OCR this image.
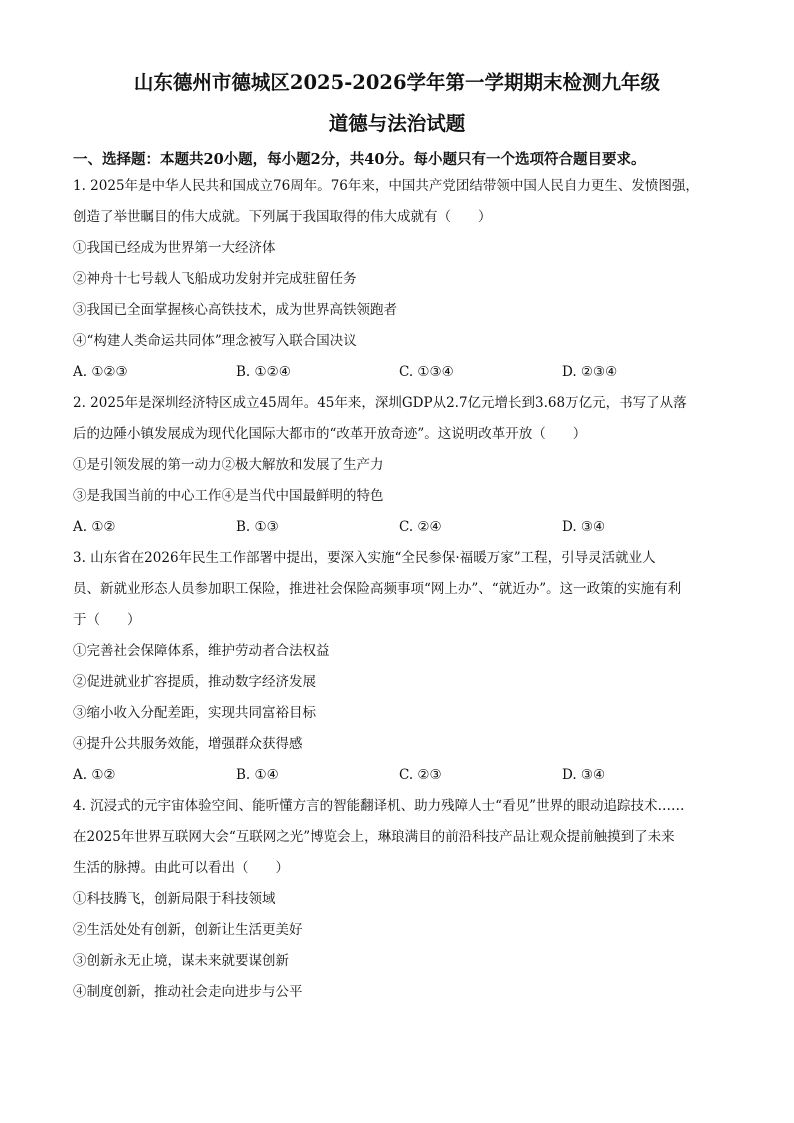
山东德州市德城区2025-2026学年第一学期期末检测九年级
道德与法治试题
一、选择题：本题共20小题，每小题2分，共40分。每小题只有一个选项符合题目要求。
1. 2025年是中华人民共和国成立76周年。76年来，中国共产党团结带领中国人民自力更生、发愤图强，
创造了举世瞩目的伟大成就。下列属于我国取得的伟大成就有（　　）
①我国已经成为世界第一大经济体
②神舟十七号载人飞船成功发射并完成驻留任务
③我国已全面掌握核心高铁技术，成为世界高铁领跑者
④“构建人类命运共同体”理念被写入联合国决议
A. ①②③	B. ①②④	C. ①③④	D. ②③④
2. 2025年是深圳经济特区成立45周年。45年来，深圳GDP从2.7亿元增长到3.68万亿元，书写了从落
后的边陲小镇发展成为现代化国际大都市的“改革开放奇迹”。这说明改革开放（　　）
①是引领发展的第一动力②极大解放和发展了生产力
③是我国当前的中心工作④是当代中国最鲜明的特色
A. ①②	B. ①③	C. ②④	D. ③④
3. 山东省在2026年民生工作部署中提出，要深入实施“全民参保·福暖万家”工程，引导灵活就业人
员、新就业形态人员参加职工保险，推进社会保险高频事项“网上办”、“就近办”。这一政策的实施有利
于（　　）
①完善社会保障体系，维护劳动者合法权益
②促进就业扩容提质，推动数字经济发展
③缩小收入分配差距，实现共同富裕目标
④提升公共服务效能，增强群众获得感
A. ①②	B. ①④	C. ②③	D. ③④
4. 沉浸式的元宇宙体验空间、能听懂方言的智能翻译机、助力残障人士“看见”世界的眼动追踪技术……
在2025年世界互联网大会“互联网之光”博览会上，琳琅满目的前沿科技产品让观众提前触摸到了未来
生活的脉搏。由此可以看出（　　）
①科技腾飞，创新局限于科技领域
②生活处处有创新，创新让生活更美好
③创新永无止境，谋未来就要谋创新
④制度创新，推动社会走向进步与公平
